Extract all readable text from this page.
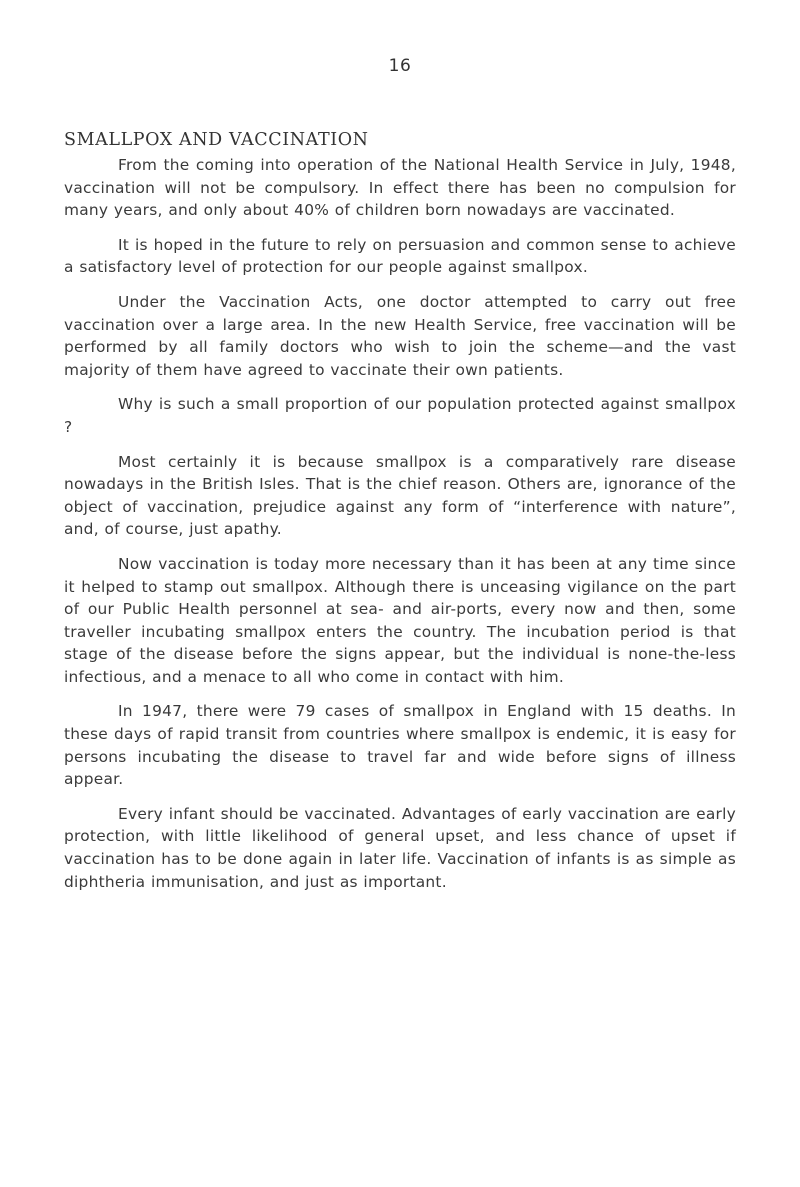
16
SMALLPOX AND VACCINATION

From the coming into operation of the National Health Service in July, 1948, vaccination will not be compulsory. In effect there has been no compulsion for many years, and only about 40% of children born nowadays are vaccinated.

It is hoped in the future to rely on persuasion and common sense to achieve a satisfactory level of protection for our people against smallpox.

Under the Vaccination Acts, one doctor attempted to carry out free vaccination over a large area. In the new Health Service, free vaccination will be performed by all family doctors who wish to join the scheme—and the vast majority of them have agreed to vaccinate their own patients.

Why is such a small proportion of our population protected against smallpox ?

Most certainly it is because smallpox is a comparatively rare disease nowadays in the British Isles. That is the chief reason. Others are, ignorance of the object of vaccination, prejudice against any form of “interference with nature”, and, of course, just apathy.

Now vaccination is today more necessary than it has been at any time since it helped to stamp out smallpox. Although there is unceasing vigilance on the part of our Public Health personnel at sea- and air-ports, every now and then, some traveller incubating smallpox enters the country. The incubation period is that stage of the disease before the signs appear, but the individual is none-the-less infectious, and a menace to all who come in contact with him.

In 1947, there were 79 cases of smallpox in England with 15 deaths. In these days of rapid transit from countries where smallpox is endemic, it is easy for persons incubating the disease to travel far and wide before signs of illness appear.

Every infant should be vaccinated. Advantages of early vaccination are early protection, with little likelihood of general upset, and less chance of upset if vaccination has to be done again in later life. Vaccination of infants is as simple as diphtheria immunisation, and just as important.
